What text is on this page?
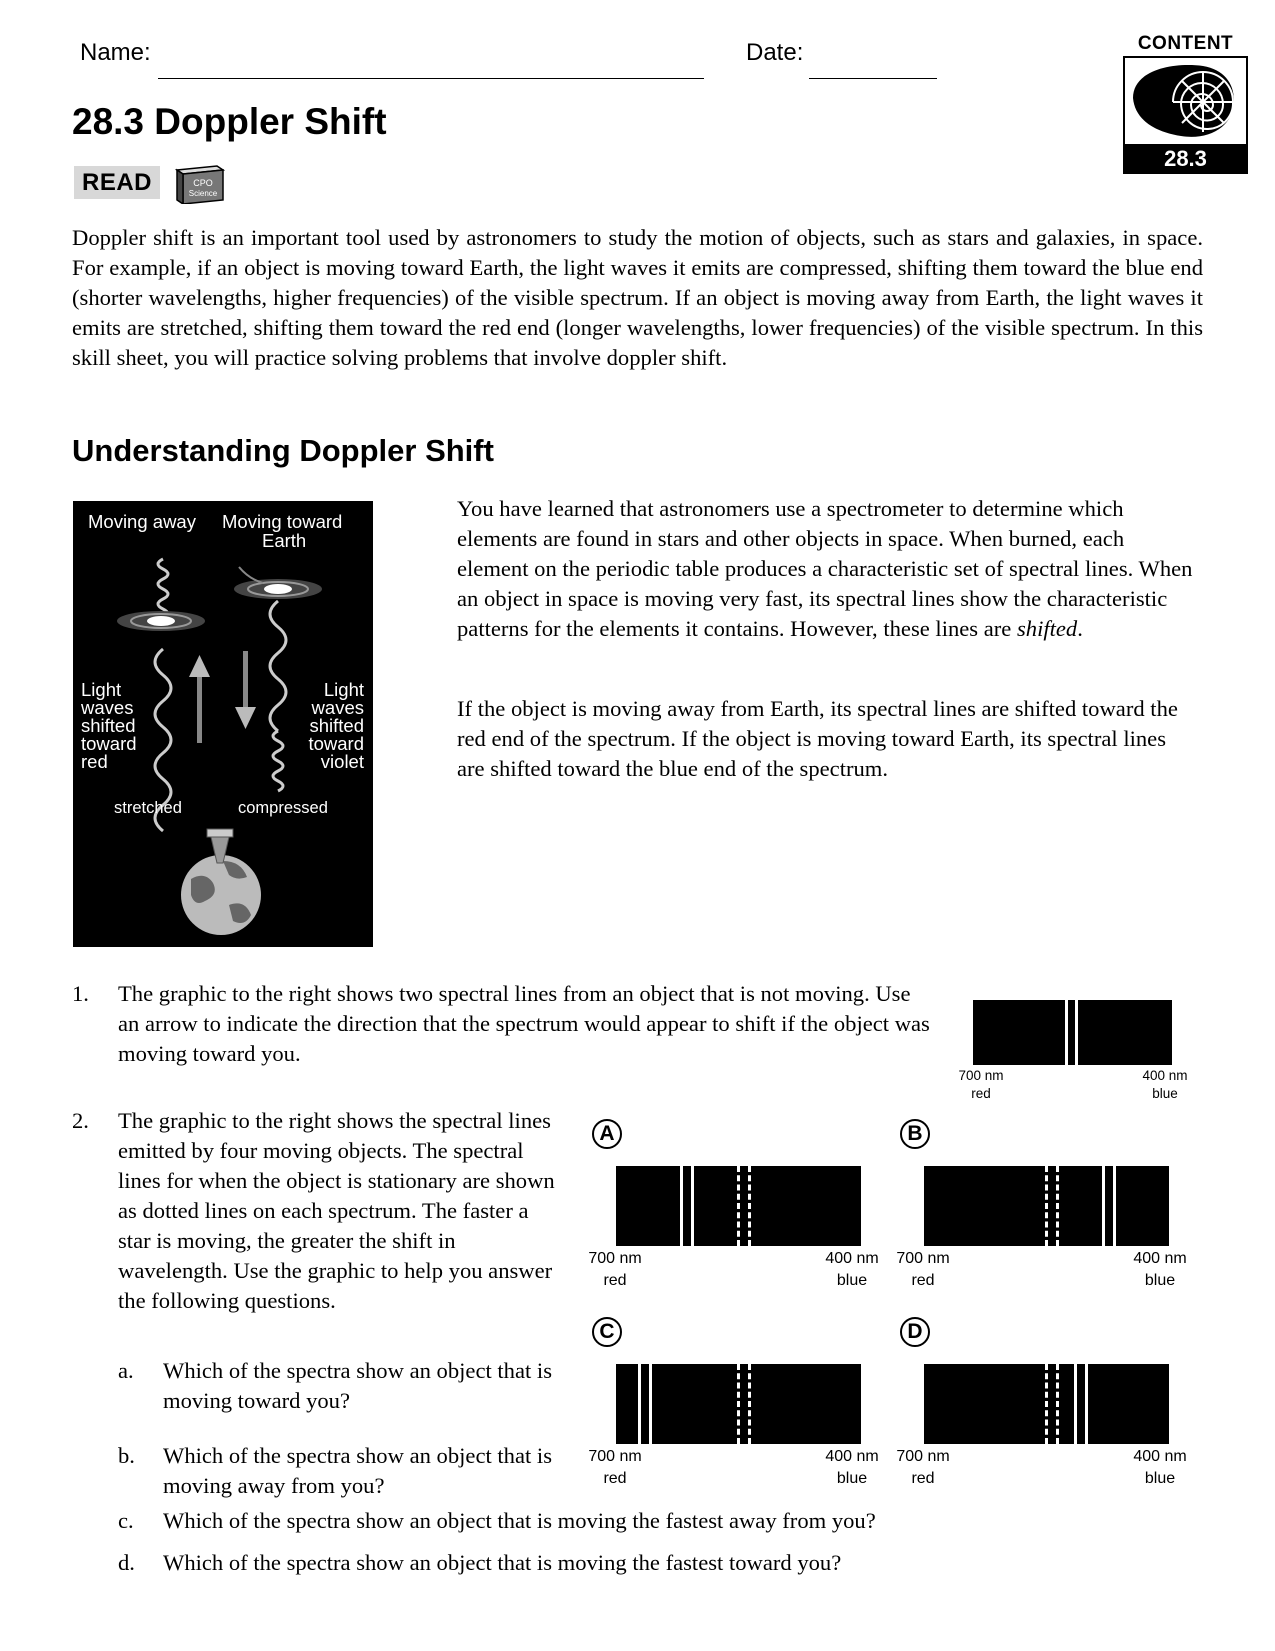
Name:	Date:
28.3 Doppler Shift
CONTENT
28.3
READ	CPO
Science
Doppler shift is an important tool used by astronomers to study the motion of objects, such as stars and galaxies, in space. For example, if an object is moving toward Earth, the light waves it emits are compressed, shifting them toward the blue end (shorter wavelengths, higher frequencies) of the visible spectrum. If an object is moving away from Earth, the light waves it emits are stretched, shifting them toward the red end (longer wavelengths, lower frequencies) of the visible spectrum. In this skill sheet, you will practice solving problems that involve doppler shift.
Understanding Doppler Shift
Moving away Moving toward
Earth
Light
waves
shifted
toward
red
Light
waves
shifted
toward
violet
stretched	compressed
You have learned that astronomers use a spectrometer to determine which elements are found in stars and other objects in space. When burned, each element on the periodic table produces a characteristic set of spectral lines. When an object in space is moving very fast, its spectral lines show the characteristic patterns for the elements it contains. However, these lines are shifted.
If the object is moving away from Earth, its spectral lines are shifted toward the red end of the spectrum. If the object is moving toward Earth, its spectral lines are shifted toward the blue end of the spectrum.
1. The graphic to the right shows two spectral lines from an object that is not moving. Use an arrow to indicate the direction that the spectrum would appear to shift if the object was moving toward you.
700 nm
red
400 nm
blue
2. The graphic to the right shows the spectral lines emitted by four moving objects. The spectral lines for when the object is stationary are shown as dotted lines on each spectrum. The faster a star is moving, the greater the shift in wavelength. Use the graphic to help you answer the following questions.
a. Which of the spectra show an object that is moving toward you?
b. Which of the spectra show an object that is moving away from you?
c. Which of the spectra show an object that is moving the fastest away from you?
d. Which of the spectra show an object that is moving the fastest toward you?
A
700 nm
red
400 nm
blue
B
700 nm
red
400 nm
blue
C
700 nm
red
400 nm
blue
D
700 nm
red
400 nm
blue
